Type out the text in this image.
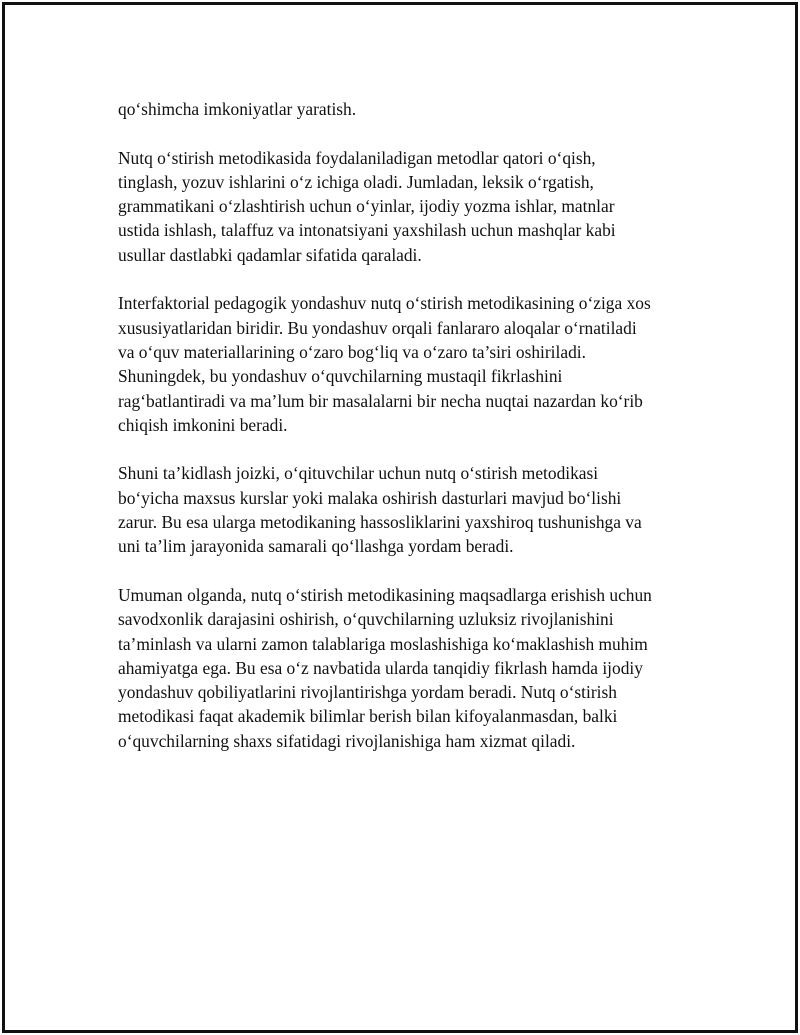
qo‘shimcha imkoniyatlar yaratish.

Nutq o‘stirish metodikasida foydalaniladigan metodlar qatori o‘qish,
tinglash, yozuv ishlarini o‘z ichiga oladi. Jumladan, leksik o‘rgatish,
grammatikani o‘zlashtirish uchun o‘yinlar, ijodiy yozma ishlar, matnlar
ustida ishlash, talaffuz va intonatsiyani yaxshilash uchun mashqlar kabi
usullar dastlabki qadamlar sifatida qaraladi.

Interfaktorial pedagogik yondashuv nutq o‘stirish metodikasining o‘ziga xos
xususiyatlaridan biridir. Bu yondashuv orqali fanlararo aloqalar o‘rnatiladi
va o‘quv materiallarining o‘zaro bog‘liq va o‘zaro ta’siri oshiriladi.
Shuningdek, bu yondashuv o‘quvchilarning mustaqil fikrlashini
rag‘batlantiradi va ma’lum bir masalalarni bir necha nuqtai nazardan ko‘rib
chiqish imkonini beradi.

Shuni ta’kidlash joizki, o‘qituvchilar uchun nutq o‘stirish metodikasi
bo‘yicha maxsus kurslar yoki malaka oshirish dasturlari mavjud bo‘lishi
zarur. Bu esa ularga metodikaning hassosliklarini yaxshiroq tushunishga va
uni ta’lim jarayonida samarali qo‘llashga yordam beradi.

Umuman olganda, nutq o‘stirish metodikasining maqsadlarga erishish uchun
savodxonlik darajasini oshirish, o‘quvchilarning uzluksiz rivojlanishini
ta’minlash va ularni zamon talablariga moslashishiga ko‘maklashish muhim
ahamiyatga ega. Bu esa o‘z navbatida ularda tanqidiy fikrlash hamda ijodiy
yondashuv qobiliyatlarini rivojlantirishga yordam beradi. Nutq o‘stirish
metodikasi faqat akademik bilimlar berish bilan kifoyalanmasdan, balki
o‘quvchilarning shaxs sifatidagi rivojlanishiga ham xizmat qiladi.
